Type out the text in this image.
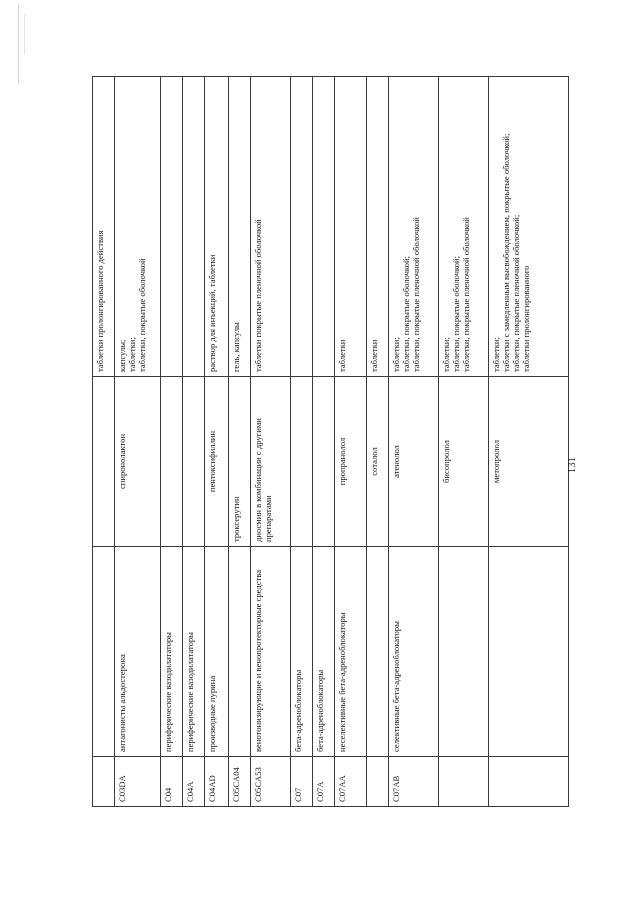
			таблетки пролонгированного действия

C03DA	антагонисты альдостерона	спиронолактон	капсулы; таблетки; таблетки, покрытые оболочкой

C04	периферические вазодилататоры		
C04A	периферические вазодилататоры		
C04AD	производные пурина	пентоксифиллин	раствор для инъекций, таблетки

C05CA04		троксерутин	гель, капсулы

C05CA53	венотонизирующие и венопротекторные средства	диосмин в комбинации с другими препаратами	таблетки покрытые пленочной оболочкой

C07	бета-адреноблокаторы		
C07A	бета-адреноблокаторы		
C07AA	неселективные бета-адреноблокаторы	пропранолол	таблетки

		соталол	таблетки

C07AB	селективные бета-адреноблокаторы	атенолол	таблетки; таблетки, покрытые оболочкой; таблетки, покрытые пленочной оболочкой

		бисопролол	таблетки; таблетки, покрытые оболочкой; таблетки, покрытые пленочной оболочкой

		метопролол	таблетки; таблетки с замедленным высвобождением, покрытые оболочкой; таблетки, покрытые пленочной оболочкой; таблетки пролонгированного
131
